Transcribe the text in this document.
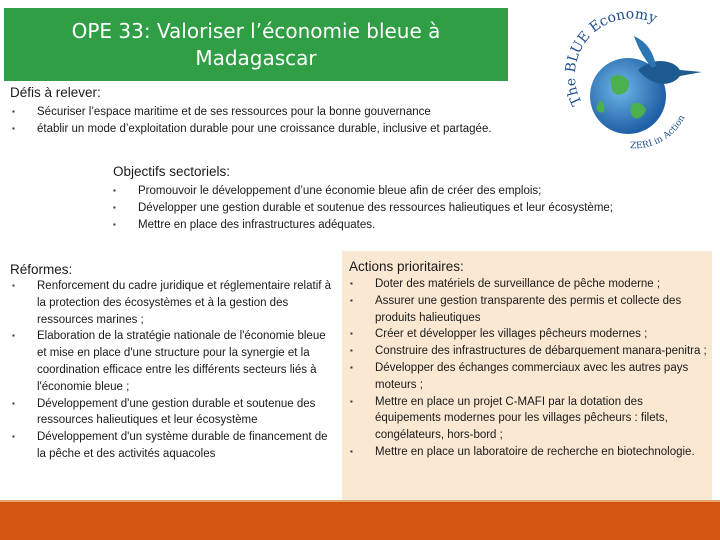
OPE 33: Valoriser l’économie bleue à Madagascar
The BLUE Economy
ZERI in Action
Défis à relever:
▪ Sécuriser l’espace maritime et de ses ressources pour la bonne gouvernance
▪ établir un mode d’exploitation durable pour une croissance durable, inclusive et partagée.
Objectifs sectoriels:
▪ Promouvoir le développement d’une économie bleue afin de créer des emplois;
▪ Développer une gestion durable et soutenue des ressources halieutiques et leur écosystème;
▪ Mettre en place des infrastructures adéquates.
Réformes:
▪ Renforcement du cadre juridique et réglementaire relatif à la protection des écosystèmes et à la gestion des ressources marines ;
▪ Elaboration de la stratégie nationale de l'économie bleue et mise en place d'une structure pour la synergie et la coordination efficace entre les différents secteurs liés à l'économie bleue ;
▪ Développement d'une gestion durable et soutenue des ressources halieutiques et leur écosystème
▪ Développement d'un système durable de financement de la pêche et des activités aquacoles
Actions prioritaires:
▪ Doter des matériels de surveillance de pêche moderne ;
▪ Assurer une gestion transparente des permis et collecte des produits halieutiques
▪ Créer et développer les villages pêcheurs modernes ;
▪ Construire des infrastructures de débarquement manara-penitra ;
▪ Développer des échanges commerciaux avec les autres pays moteurs ;
▪ Mettre en place un projet C-MAFI par la dotation des équipements modernes pour les villages pêcheurs : filets, congélateurs, hors-bord ;
▪ Mettre en place un laboratoire de recherche en biotechnologie.
